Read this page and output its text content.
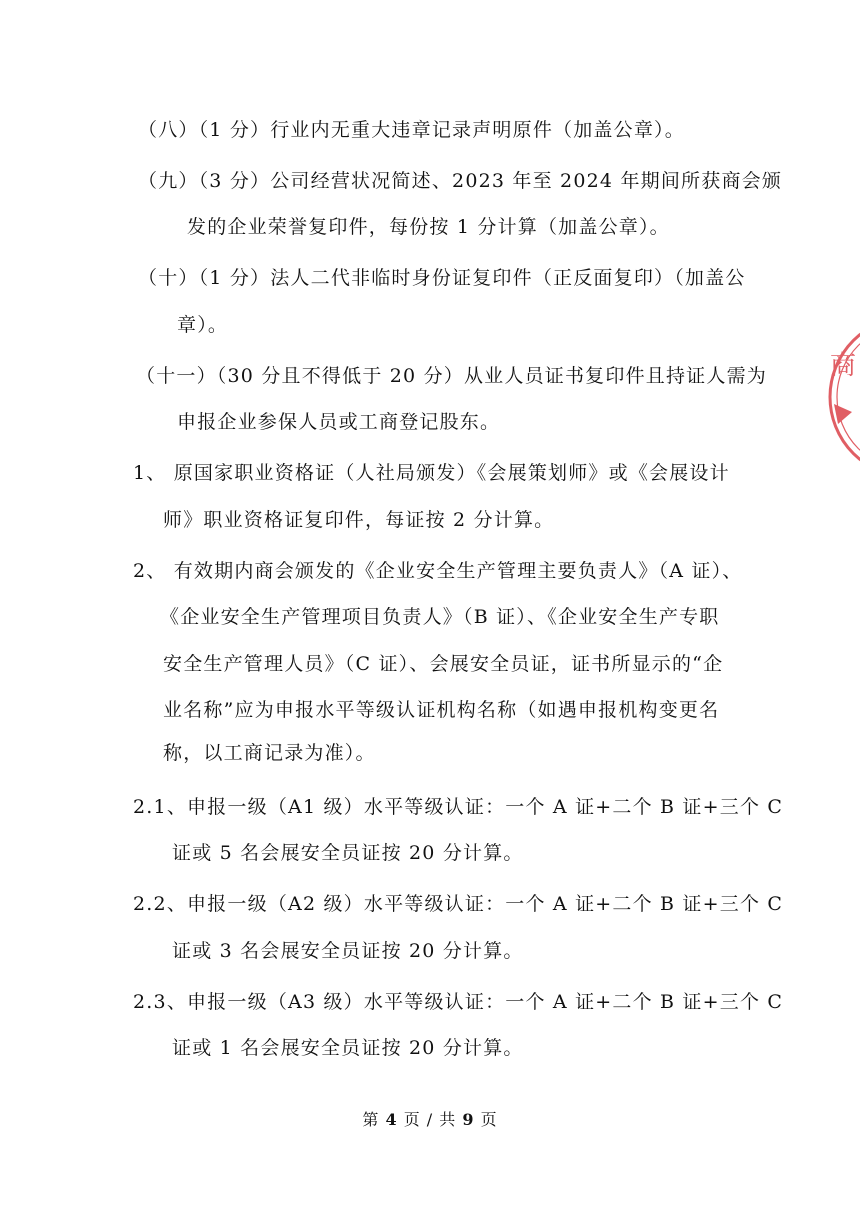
（八）（1 分）行业内无重大违章记录声明原件（加盖公章）。
（九）（3 分）公司经营状况简述、2023 年至 2024 年期间所获商会颁
发的企业荣誉复印件，每份按 1 分计算（加盖公章）。
（十）（1 分）法人二代非临时身份证复印件（正反面复印）（加盖公
章）。
（十一）（30 分且不得低于 20 分）从业人员证书复印件且持证人需为
申报企业参保人员或工商登记股东。
1、 原国家职业资格证（人社局颁发）《会展策划师》或《会展设计
师》职业资格证复印件，每证按 2 分计算。
2、 有效期内商会颁发的《企业安全生产管理主要负责人》（A 证）、
《企业安全生产管理项目负责人》（B 证）、《企业安全生产专职
安全生产管理人员》（C 证）、会展安全员证，证书所显示的“企
业名称”应为申报水平等级认证机构名称（如遇申报机构变更名
称，以工商记录为准）。
2.1、申报一级（A1 级）水平等级认证：一个 A 证+二个 B 证+三个 C
证或 5 名会展安全员证按 20 分计算。
2.2、申报一级（A2 级）水平等级认证：一个 A 证+二个 B 证+三个 C
证或 3 名会展安全员证按 20 分计算。
2.3、申报一级（A3 级）水平等级认证：一个 A 证+二个 B 证+三个 C
证或 1 名会展安全员证按 20 分计算。
第 4 页 / 共 9 页
商
